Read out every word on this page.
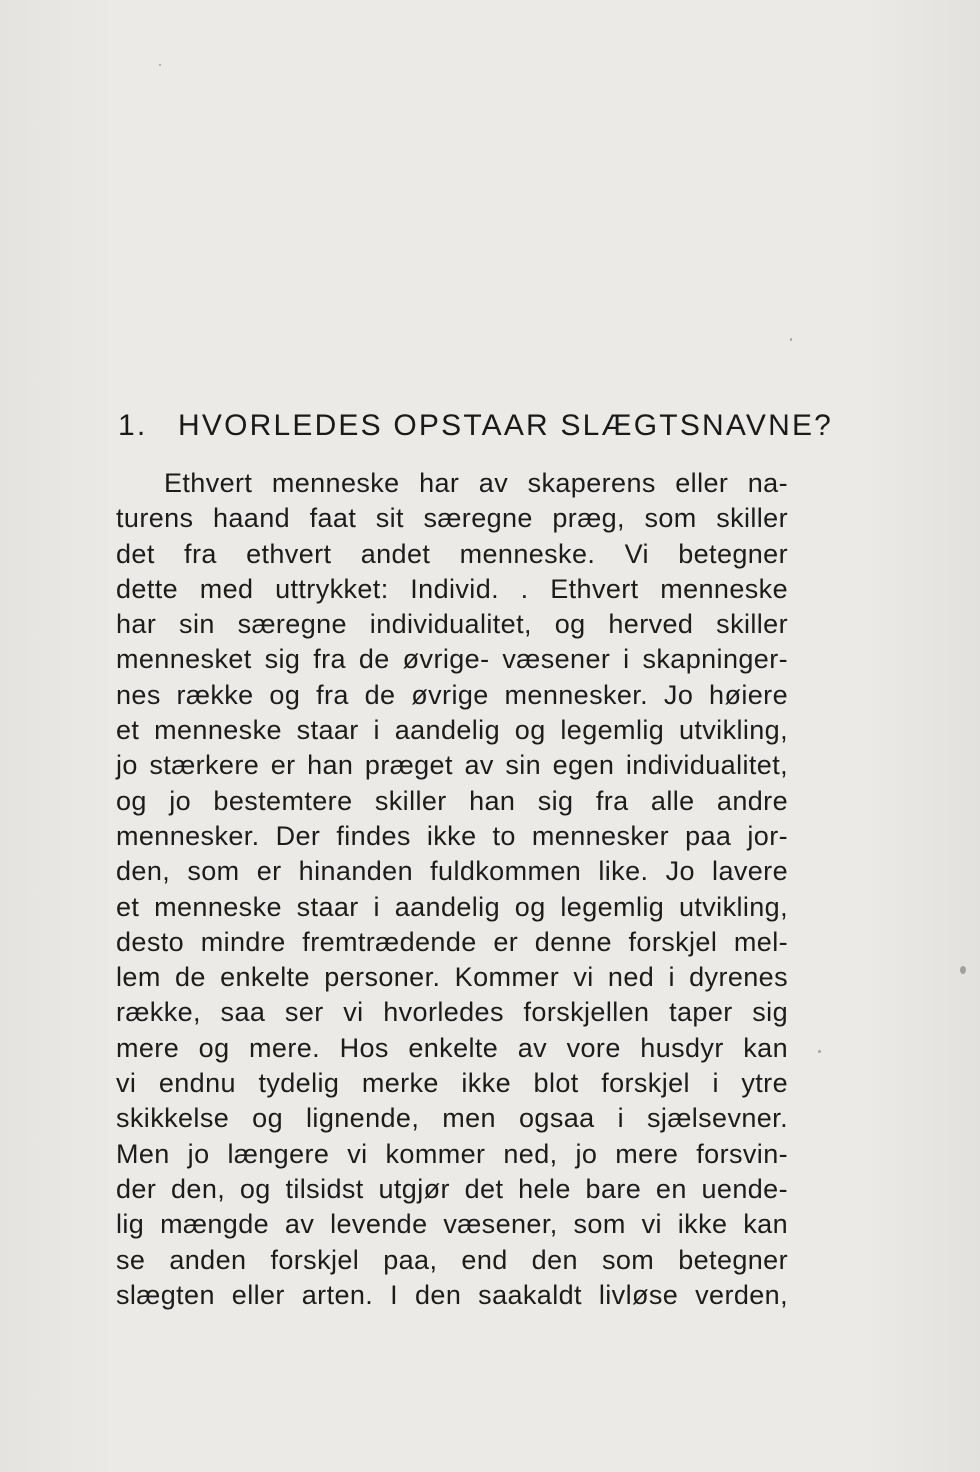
1. HVORLEDES OPSTAAR SLÆGTSNAVNE?
Ethvert menneske har av skaperens eller na-
turens haand faat sit særegne præg, som skiller
det fra ethvert andet menneske. Vi betegner
dette med uttrykket: Individ. . Ethvert menneske
har sin særegne individualitet, og herved skiller
mennesket sig fra de øvrige- væsener i skapninger-
nes række og fra de øvrige mennesker. Jo høiere
et menneske staar i aandelig og legemlig utvikling,
jo stærkere er han præget av sin egen individualitet,
og jo bestemtere skiller han sig fra alle andre
mennesker. Der findes ikke to mennesker paa jor-
den, som er hinanden fuldkommen like. Jo lavere
et menneske staar i aandelig og legemlig utvikling,
desto mindre fremtrædende er denne forskjel mel-
lem de enkelte personer. Kommer vi ned i dyrenes
række, saa ser vi hvorledes forskjellen taper sig
mere og mere. Hos enkelte av vore husdyr kan
vi endnu tydelig merke ikke blot forskjel i ytre
skikkelse og lignende, men ogsaa i sjælsevner.
Men jo længere vi kommer ned, jo mere forsvin-
der den, og tilsidst utgjør det hele bare en uende-
lig mængde av levende væsener, som vi ikke kan
se anden forskjel paa, end den som betegner
slægten eller arten. I den saakaldt livløse verden,
